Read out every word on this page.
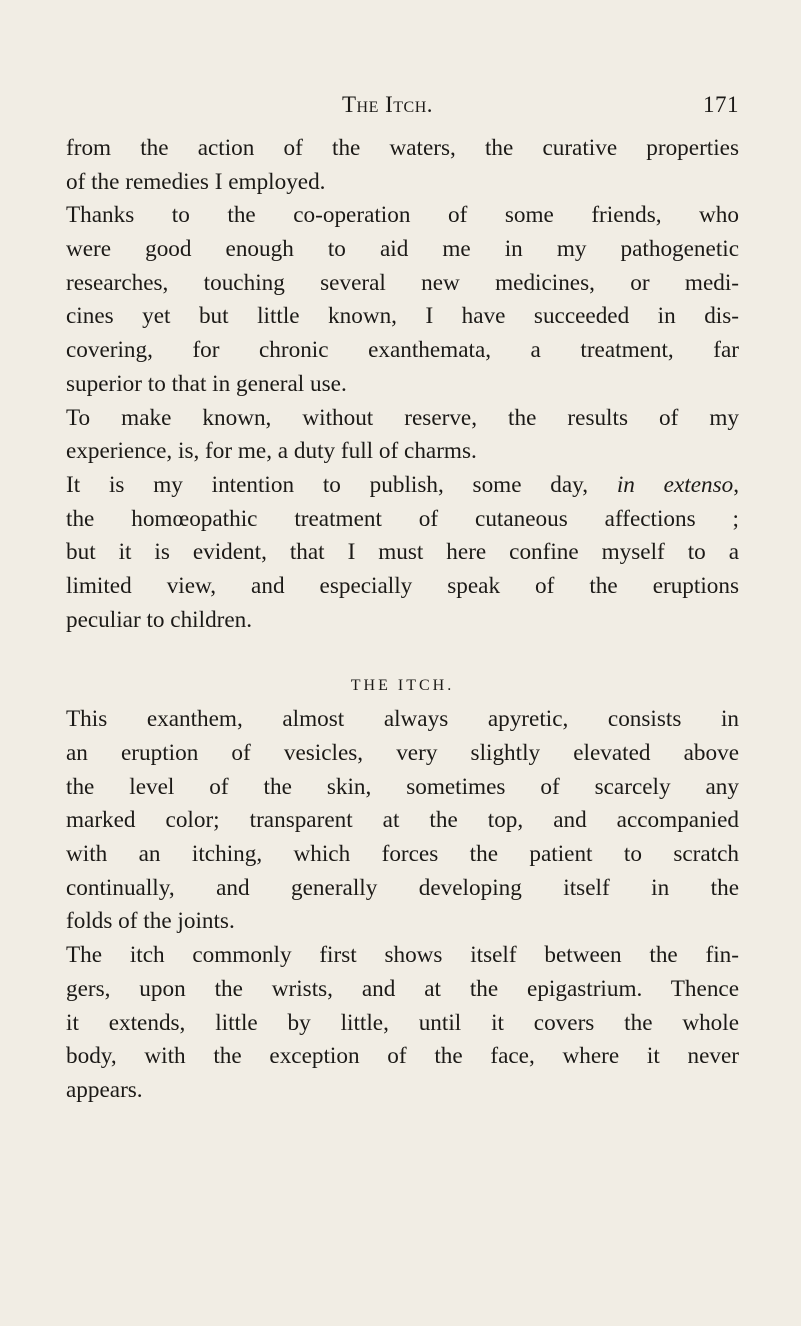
The Itch.	171
from the action of the waters, the curative properties
of the remedies I employed.
Thanks to the co-operation of some friends, who
were good enough to aid me in my pathogenetic
researches, touching several new medicines, or medi-
cines yet but little known, I have succeeded in dis-
covering, for chronic exanthemata, a treatment, far
superior to that in general use.
To make known, without reserve, the results of my
experience, is, for me, a duty full of charms.
It is my intention to publish, some day, in extenso,
the homœopathic treatment of cutaneous affections ;
but it is evident, that I must here confine myself to a
limited view, and especially speak of the eruptions
peculiar to children.
THE ITCH.
This exanthem, almost always apyretic, consists in
an eruption of vesicles, very slightly elevated above
the level of the skin, sometimes of scarcely any
marked color; transparent at the top, and accompanied
with an itching, which forces the patient to scratch
continually, and generally developing itself in the
folds of the joints.
The itch commonly first shows itself between the fin-
gers, upon the wrists, and at the epigastrium. Thence
it extends, little by little, until it covers the whole
body, with the exception of the face, where it never
appears.
